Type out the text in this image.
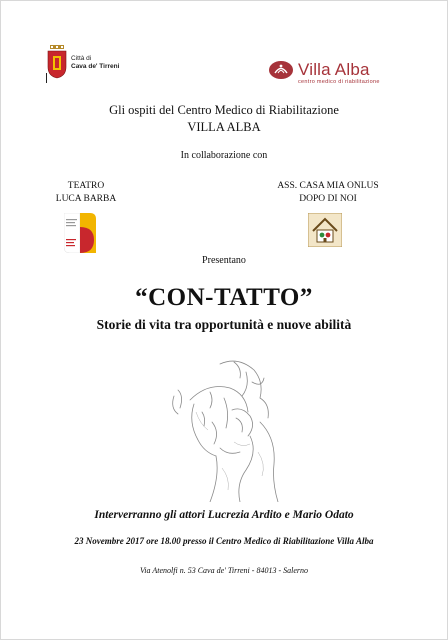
Città di
Cava de' Tirreni	Villa Alba
centro medico di riabilitazione
Gli ospiti del Centro Medico di Riabilitazione
VILLA ALBA
In collaborazione con
TEATRO
LUCA BARBA
ASS. CASA MIA ONLUS
DOPO DI NOI
Presentano
“CON-TATTO”
Storie di vita tra opportunità e nuove abilità
Interverranno gli attori Lucrezia Ardito e Mario Odato
23 Novembre 2017 ore 18.00 presso il Centro Medico di Riabilitazione Villa Alba
Via Atenolfi n. 53 Cava de' Tirreni - 84013 - Salerno
